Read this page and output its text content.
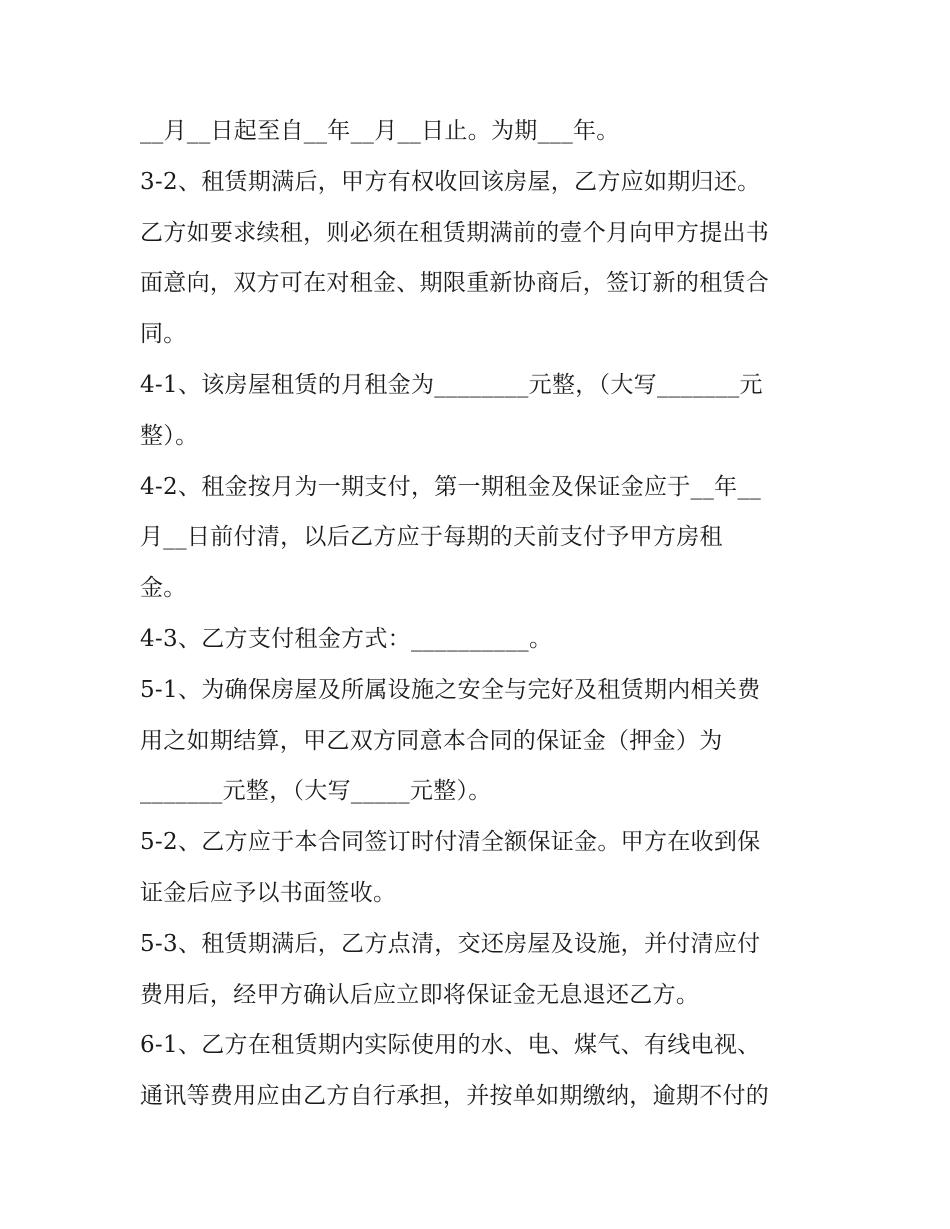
__月__日起至自__年__月__日止。为期___年。
3-2、租赁期满后，甲方有权收回该房屋，乙方应如期归还。
乙方如要求续租，则必须在租赁期满前的壹个月向甲方提出书
面意向，双方可在对租金、期限重新协商后，签订新的租赁合
同。
4-1、该房屋租赁的月租金为________元整，（大写_______元
整）。
4-2、租金按月为一期支付，第一期租金及保证金应于__年__
月__日前付清，以后乙方应于每期的天前支付予甲方房租
金。
4-3、乙方支付租金方式：__________。
5-1、为确保房屋及所属设施之安全与完好及租赁期内相关费
用之如期结算，甲乙双方同意本合同的保证金（押金）为
_______元整，（大写_____元整）。
5-2、乙方应于本合同签订时付清全额保证金。甲方在收到保
证金后应予以书面签收。
5-3、租赁期满后，乙方点清，交还房屋及设施，并付清应付
费用后，经甲方确认后应立即将保证金无息退还乙方。
6-1、乙方在租赁期内实际使用的水、电、煤气、有线电视、
通讯等费用应由乙方自行承担，并按单如期缴纳，逾期不付的
